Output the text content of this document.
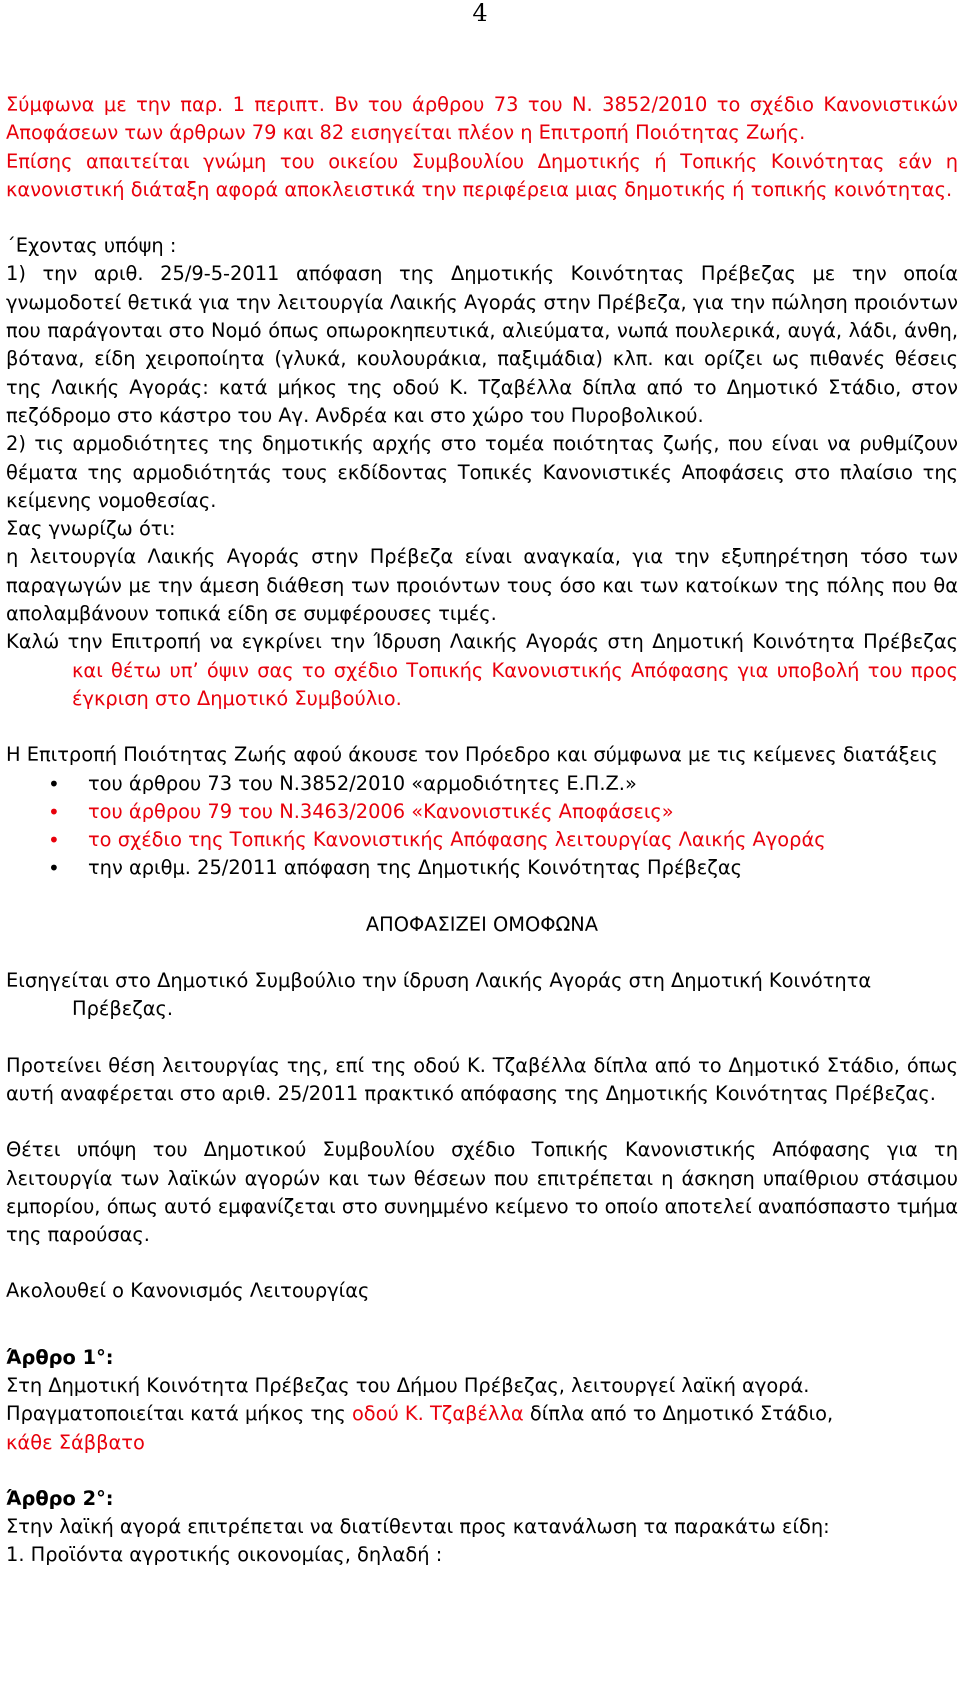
4

Σύμφωνα με την παρ. 1 περιπτ. Βν του άρθρου 73 του Ν. 3852/2010 το σχέδιο Κανονιστικών Αποφάσεων των άρθρων 79 και 82 εισηγείται πλέον η Επιτροπή Ποιότητας Ζωής.

Επίσης απαιτείται γνώμη του οικείου Συμβουλίου Δημοτικής ή Τοπικής Κοινότητας εάν η κανονιστική διάταξη αφορά αποκλειστικά την περιφέρεια μιας δημοτικής ή τοπικής κοινότητας.

΄Εχοντας υπόψη :

1) την αριθ. 25/9-5-2011 απόφαση της Δημοτικής Κοινότητας Πρέβεζας με την οποία γνωμοδοτεί θετικά για την λειτουργία Λαικής Αγοράς στην Πρέβεζα, για την πώληση προιόντων που παράγονται στο Νομό όπως οπωροκηπευτικά, αλιεύματα, νωπά πουλερικά, αυγά, λάδι, άνθη, βότανα, είδη χειροποίητα (γλυκά, κουλουράκια, παξιμάδια) κλπ. και ορίζει ως πιθανές θέσεις της Λαικής Αγοράς: κατά μήκος της οδού Κ. Τζαβέλλα δίπλα από το Δημοτικό Στάδιο, στον πεζόδρομο στο κάστρο του Αγ. Ανδρέα και στο χώρο του Πυροβολικού.

2) τις αρμοδιότητες της δημοτικής αρχής στο τομέα ποιότητας ζωής, που είναι να ρυθμίζουν θέματα της αρμοδιότητάς τους εκδίδοντας Τοπικές Κανονιστικές Αποφάσεις στο πλαίσιο της κείμενης νομοθεσίας.

Σας γνωρίζω ότι:

η λειτουργία Λαικής Αγοράς στην Πρέβεζα είναι αναγκαία, για την εξυπηρέτηση τόσο των παραγωγών με την άμεση διάθεση των προιόντων τους όσο και των κατοίκων της πόλης που θα απολαμβάνουν τοπικά είδη σε συμφέρουσες τιμές.

Καλώ την Επιτροπή να εγκρίνει την Ίδρυση Λαικής Αγοράς στη Δημοτική Κοινότητα Πρέβεζας και θέτω υπ’ όψιν σας το σχέδιο Τοπικής Κανονιστικής Απόφασης για υποβολή του προς έγκριση στο Δημοτικό Συμβούλιο.

Η Επιτροπή Ποιότητας Ζωής αφού άκουσε τον Πρόεδρο και σύμφωνα με τις κείμενες διατάξεις

• του άρθρου 73 του Ν.3852/2010 «αρμοδιότητες Ε.Π.Ζ.»
• του άρθρου 79 του Ν.3463/2006 «Κανονιστικές Αποφάσεις»
• το σχέδιο της Τοπικής Κανονιστικής Απόφασης λειτουργίας Λαικής Αγοράς
• την αριθμ. 25/2011 απόφαση της Δημοτικής Κοινότητας Πρέβεζας

ΑΠΟΦΑΣΙΖΕΙ ΟΜΟΦΩΝΑ

Εισηγείται στο Δημοτικό Συμβούλιο την ίδρυση Λαικής Αγοράς στη Δημοτική Κοινότητα Πρέβεζας.

Προτείνει θέση λειτουργίας της, επί της οδού Κ. Τζαβέλλα δίπλα από το Δημοτικό Στάδιο, όπως αυτή αναφέρεται στο αριθ. 25/2011 πρακτικό απόφασης της Δημοτικής Κοινότητας Πρέβεζας.

Θέτει υπόψη του Δημοτικού Συμβουλίου σχέδιο Τοπικής Κανονιστικής Απόφασης για τη λειτουργία των λαϊκών αγορών και των θέσεων που επιτρέπεται η άσκηση υπαίθριου στάσιμου εμπορίου, όπως αυτό εμφανίζεται στο συνημμένο κείμενο το οποίο αποτελεί αναπόσπαστο τμήμα της παρούσας.

Ακολουθεί ο Κανονισμός Λειτουργίας

Άρθρο 1°:

Στη Δημοτική Κοινότητα Πρέβεζας του Δήμου Πρέβεζας, λειτουργεί λαϊκή αγορά.

Πραγματοποιείται κατά μήκος της οδού Κ. Τζαβέλλα δίπλα από το Δημοτικό Στάδιο,

κάθε Σάββατο

Άρθρο 2°:

Στην λαϊκή αγορά επιτρέπεται να διατίθενται προς κατανάλωση τα παρακάτω είδη:

1. Προϊόντα αγροτικής οικονομίας, δηλαδή :
